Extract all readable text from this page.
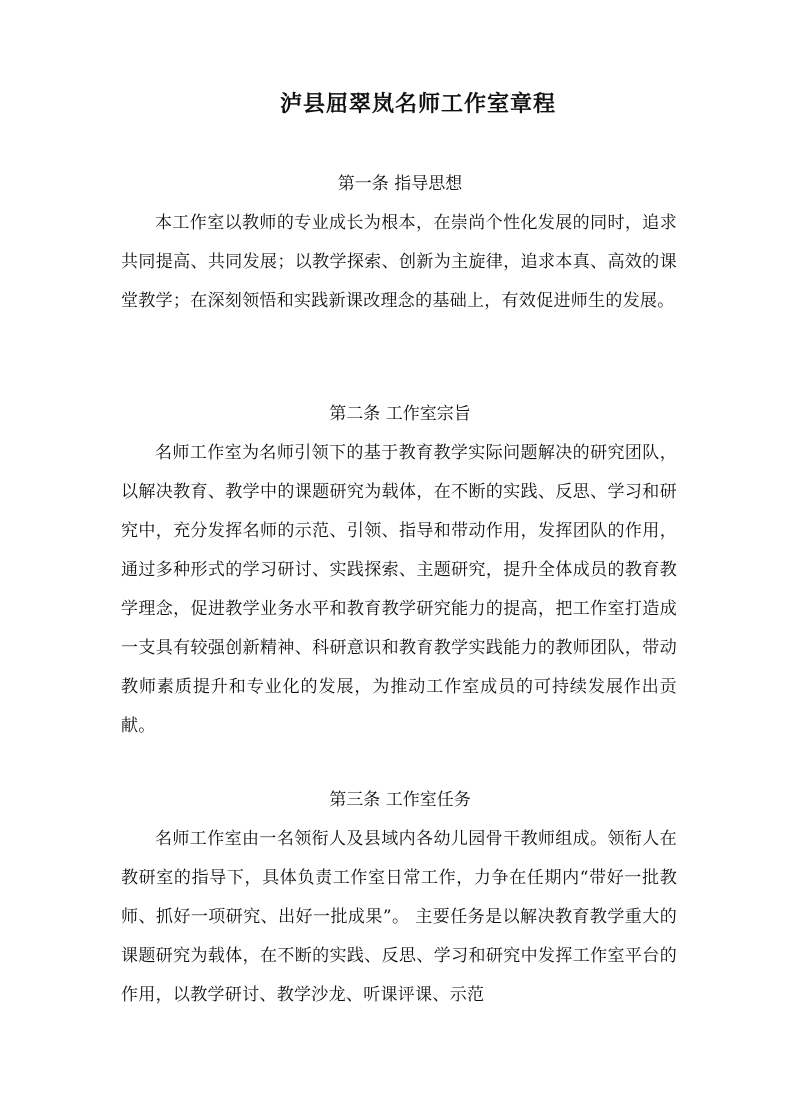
泸县屈翠岚名师工作室章程
第一条 指导思想

本工作室以教师的专业成长为根本，在崇尚个性化发展的同时，追求共同提高、共同发展；以教学探索、创新为主旋律，追求本真、高效的课堂教学；在深刻领悟和实践新课改理念的基础上，有效促进师生的发展。

第二条 工作室宗旨

名师工作室为名师引领下的基于教育教学实际问题解决的研究团队，以解决教育、教学中的课题研究为载体，在不断的实践、反思、学习和研究中，充分发挥名师的示范、引领、指导和带动作用，发挥团队的作用，通过多种形式的学习研讨、实践探索、主题研究，提升全体成员的教育教学理念，促进教学业务水平和教育教学研究能力的提高，把工作室打造成一支具有较强创新精神、科研意识和教育教学实践能力的教师团队，带动教师素质提升和专业化的发展，为推动工作室成员的可持续发展作出贡献。

第三条 工作室任务

名师工作室由一名领衔人及县域内各幼儿园骨干教师组成。领衔人在教研室的指导下，具体负责工作室日常工作，力争在任期内“带好一批教师、抓好一项研究、出好一批成果”。 主要任务是以解决教育教学重大的课题研究为载体，在不断的实践、反思、学习和研究中发挥工作室平台的作用，以教学研讨、教学沙龙、听课评课、示范
